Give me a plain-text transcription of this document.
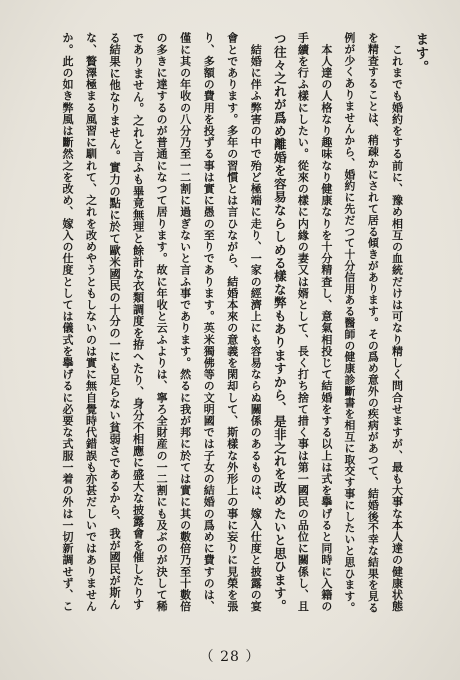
ます。
　これまでも婚約をする前に、豫め相互の血統だけは可なり精しく問合せますが、最も大事な本人達の健康状態
を精査することは、稍疎かにされて居る傾きがあります。その爲め意外の疾病があつて、結婚後不幸な結果を見る
例が少くありませんから、婚約に先だつて十分信用ある醫師の健康診斷書を相互に取交す事にしたいと思ひます。
　本人達の人格なり趣味なり健康なりを十分精査し、意氣相投じて結婚をする以上は式を擧げると同時に入籍の
手續を行ふ樣にしたい。從來の樣に内緣の妻又は婿として、長く打ち捨て措く事は第一國民の品位に關係し、且
つ往々之れが爲め離婚を容易ならしめる樣な弊もありますから、是非之れを改めたいと思ひます。
　結婚に伴ふ弊害の中で殆ど極端に走り、一家の經濟上にも容易ならぬ關係のあるものは、嫁入仕度と披露の宴
會とであります。多年の習慣とは言ひながら、結婚本來の意義を閑却して、斯樣な外形上の事に妄りに見榮を張
り、多額の費用を投ずる事は實に愚の至りであります。英米獨佛等の文明國では子女の結婚の爲めに費すのは、
僅に其の年收の八分乃至一二割に過ぎないと言ふ事であります。然るに我が邦に於ては實に其の數倍乃至十數倍
の多きに達するのが普通になつて居ります。故に年收と云ふよりは、寧ろ全財産の一二割にも及ぶのが決して稀
でありません。之れと言ふも畢竟無理と餘計な衣類調度を拵へたり、身分不相應に盛大な披露會を催したりす
る結果に他なりません。實力の點に於て歐米國民の十分の一にも足らない貧弱さであるから、我が國民が斯ん
な、贅澤極まる風習に馴れて、之れを改めやうともしないのは實に無自覺時代錯誤も亦甚だしいではありません
か。此の如き弊風は斷然之を改め、嫁入の仕度としては儀式を擧げるに必要な式服一着の外は一切新調せず、こ
（ 28 ）
